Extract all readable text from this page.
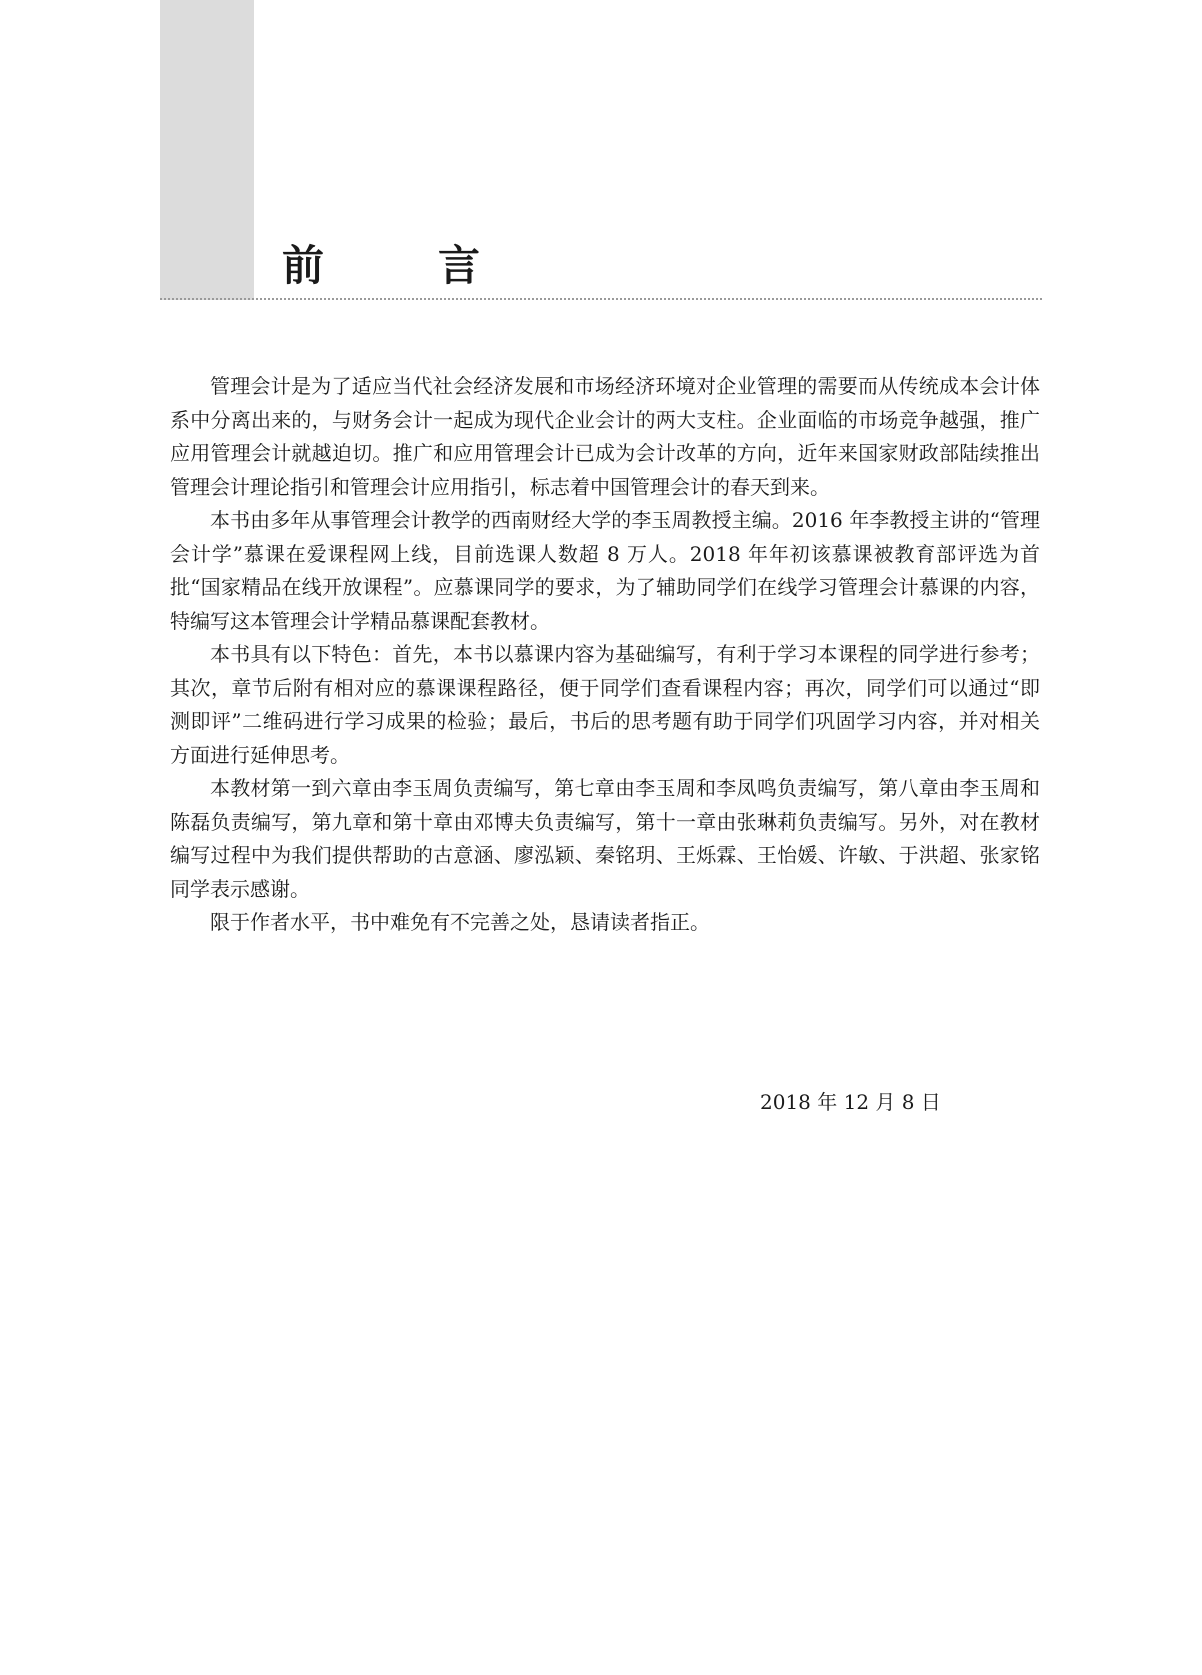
前　言

管理会计是为了适应当代社会经济发展和市场经济环境对企业管理的需要而从传统成本会计体系中分离出来的，与财务会计一起成为现代企业会计的两大支柱。企业面临的市场竞争越强，推广应用管理会计就越迫切。推广和应用管理会计已成为会计改革的方向，近年来国家财政部陆续推出管理会计理论指引和管理会计应用指引，标志着中国管理会计的春天到来。

本书由多年从事管理会计教学的西南财经大学的李玉周教授主编。2016 年李教授主讲的“管理会计学”慕课在爱课程网上线，目前选课人数超 8 万人。2018 年年初该慕课被教育部评选为首批“国家精品在线开放课程”。应慕课同学的要求，为了辅助同学们在线学习管理会计慕课的内容，特编写这本管理会计学精品慕课配套教材。

本书具有以下特色：首先，本书以慕课内容为基础编写，有利于学习本课程的同学进行参考；其次，章节后附有相对应的慕课课程路径，便于同学们查看课程内容；再次，同学们可以通过“即测即评”二维码进行学习成果的检验；最后，书后的思考题有助于同学们巩固学习内容，并对相关方面进行延伸思考。

本教材第一到六章由李玉周负责编写，第七章由李玉周和李凤鸣负责编写，第八章由李玉周和陈磊负责编写，第九章和第十章由邓博夫负责编写，第十一章由张琳莉负责编写。另外，对在教材编写过程中为我们提供帮助的古意涵、廖泓颖、秦铭玥、王烁霖、王怡媛、许敏、于洪超、张家铭同学表示感谢。

限于作者水平，书中难免有不完善之处，恳请读者指正。

2018 年 12 月 8 日
